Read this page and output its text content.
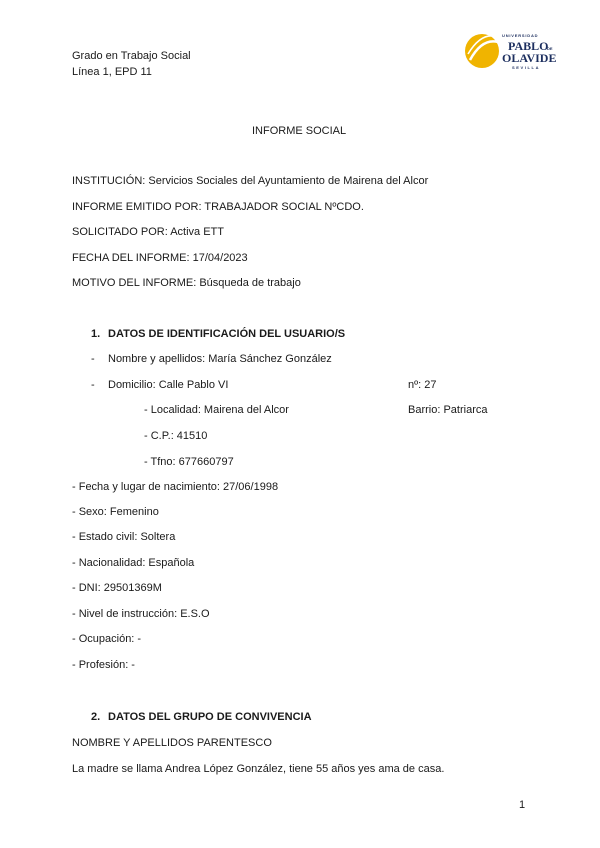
Grado en Trabajo Social
Línea 1, EPD 11
UNIVERSIDAD
PABLO
DE
OLAVIDE
SEVILLA
INFORME SOCIAL
INSTITUCIÓN: Servicios Sociales del Ayuntamiento de Mairena del Alcor
INFORME EMITIDO POR: TRABAJADOR SOCIAL NºCDO.
SOLICITADO POR: Activa ETT
FECHA DEL INFORME: 17/04/2023
MOTIVO DEL INFORME: Búsqueda de trabajo
1. DATOS DE IDENTIFICACIÓN DEL USUARIO/S
- Nombre y apellidos: María Sánchez González
- Domicilio: Calle Pablo VI	nº: 27
- Localidad: Mairena del Alcor	Barrio: Patriarca
- C.P.: 41510
- Tfno: 677660797
- Fecha y lugar de nacimiento: 27/06/1998
- Sexo: Femenino
- Estado civil: Soltera
- Nacionalidad: Española
- DNI: 29501369M
- Nivel de instrucción: E.S.O
- Ocupación: -
- Profesión: -
2. DATOS DEL GRUPO DE CONVIVENCIA
NOMBRE Y APELLIDOS PARENTESCO
La madre se llama Andrea López González, tiene 55 años yes ama de casa.
1
